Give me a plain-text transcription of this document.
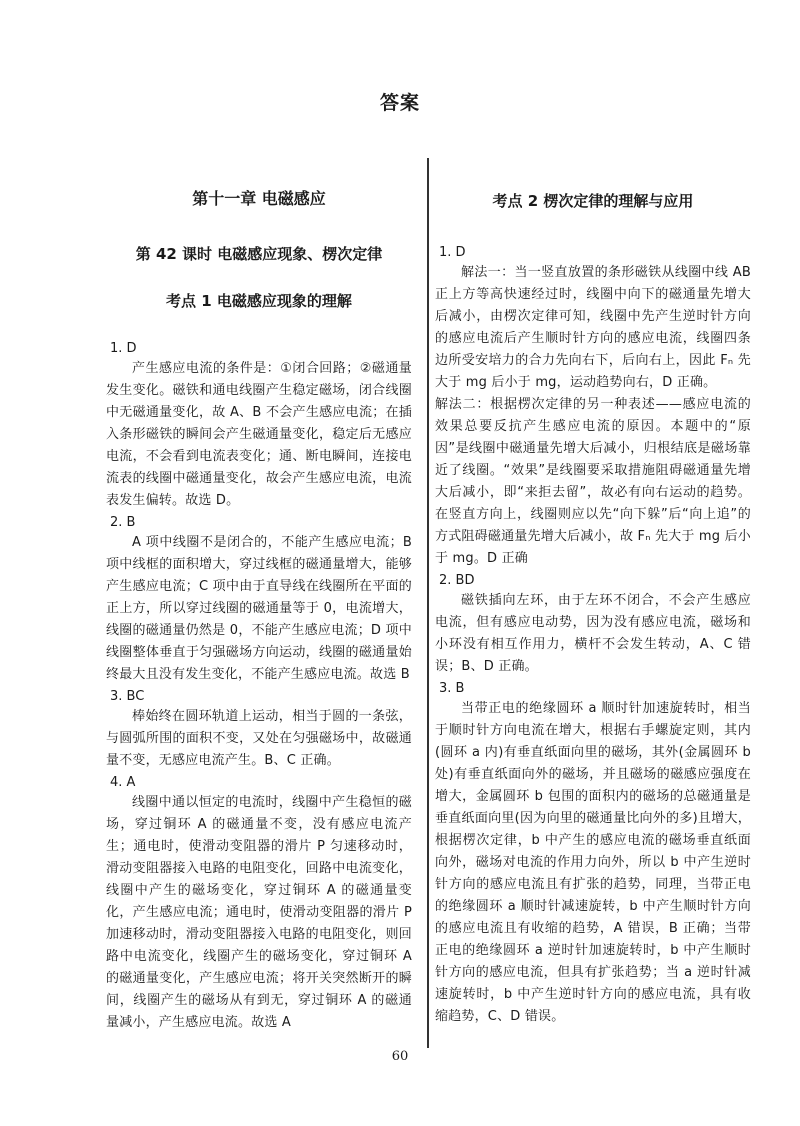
答案
第十一章 电磁感应
第 42 课时 电磁感应现象、楞次定律
考点 1 电磁感应现象的理解
1. D
产生感应电流的条件是：①闭合回路；②磁通量发生变化。磁铁和通电线圈产生稳定磁场，闭合线圈中无磁通量变化，故 A、B 不会产生感应电流；在插入条形磁铁的瞬间会产生磁通量变化，稳定后无感应电流，不会看到电流表变化；通、断电瞬间，连接电流表的线圈中磁通量变化，故会产生感应电流，电流表发生偏转。故选 D。
2. B
A 项中线圈不是闭合的，不能产生感应电流；B 项中线框的面积增大，穿过线框的磁通量增大，能够产生感应电流；C 项中由于直导线在线圈所在平面的正上方，所以穿过线圈的磁通量等于 0，电流增大，线圈的磁通量仍然是 0，不能产生感应电流；D 项中线圈整体垂直于匀强磁场方向运动，线圈的磁通量始终最大且没有发生变化，不能产生感应电流。故选 B
3. BC
棒始终在圆环轨道上运动，相当于圆的一条弦，与圆弧所围的面积不变，又处在匀强磁场中，故磁通量不变，无感应电流产生。B、C 正确。
4. A
线圈中通以恒定的电流时，线圈中产生稳恒的磁场，穿过铜环 A 的磁通量不变，没有感应电流产生；通电时，使滑动变阻器的滑片 P 匀速移动时，滑动变阻器接入电路的电阻变化，回路中电流变化，线圈中产生的磁场变化，穿过铜环 A 的磁通量变化，产生感应电流；通电时，使滑动变阻器的滑片 P 加速移动时，滑动变阻器接入电路的电阻变化，则回路中电流变化，线圈产生的磁场变化，穿过铜环 A 的磁通量变化，产生感应电流；将开关突然断开的瞬间，线圈产生的磁场从有到无，穿过铜环 A 的磁通量减小，产生感应电流。故选 A
考点 2 楞次定律的理解与应用
1. D
解法一：当一竖直放置的条形磁铁从线圈中线 AB 正上方等高快速经过时，线圈中向下的磁通量先增大后减小，由楞次定律可知，线圈中先产生逆时针方向的感应电流后产生顺时针方向的感应电流，线圈四条边所受安培力的合力先向右下，后向右上，因此 Fₙ 先大于 mg 后小于 mg，运动趋势向右，D 正确。
解法二：根据楞次定律的另一种表述——感应电流的效果总要反抗产生感应电流的原因。本题中的“原因”是线圈中磁通量先增大后减小，归根结底是磁场靠近了线圈。“效果”是线圈要采取措施阻碍磁通量先增大后减小，即“来拒去留”，故必有向右运动的趋势。在竖直方向上，线圈则应以先“向下躲”后“向上追”的方式阻碍磁通量先增大后减小，故 Fₙ 先大于 mg 后小于 mg。D 正确
2. BD
磁铁插向左环，由于左环不闭合，不会产生感应电流，但有感应电动势，因为没有感应电流，磁场和小环没有相互作用力，横杆不会发生转动，A、C 错误；B、D 正确。
3. B
当带正电的绝缘圆环 a 顺时针加速旋转时，相当于顺时针方向电流在增大，根据右手螺旋定则，其内(圆环 a 内)有垂直纸面向里的磁场，其外(金属圆环 b 处)有垂直纸面向外的磁场，并且磁场的磁感应强度在增大，金属圆环 b 包围的面积内的磁场的总磁通量是垂直纸面向里(因为向里的磁通量比向外的多)且增大，根据楞次定律，b 中产生的感应电流的磁场垂直纸面向外，磁场对电流的作用力向外，所以 b 中产生逆时针方向的感应电流且有扩张的趋势，同理，当带正电的绝缘圆环 a 顺时针减速旋转，b 中产生顺时针方向的感应电流且有收缩的趋势，A 错误，B 正确；当带正电的绝缘圆环 a 逆时针加速旋转时，b 中产生顺时针方向的感应电流，但具有扩张趋势；当 a 逆时针减速旋转时，b 中产生逆时针方向的感应电流，具有收缩趋势，C、D 错误。
60
